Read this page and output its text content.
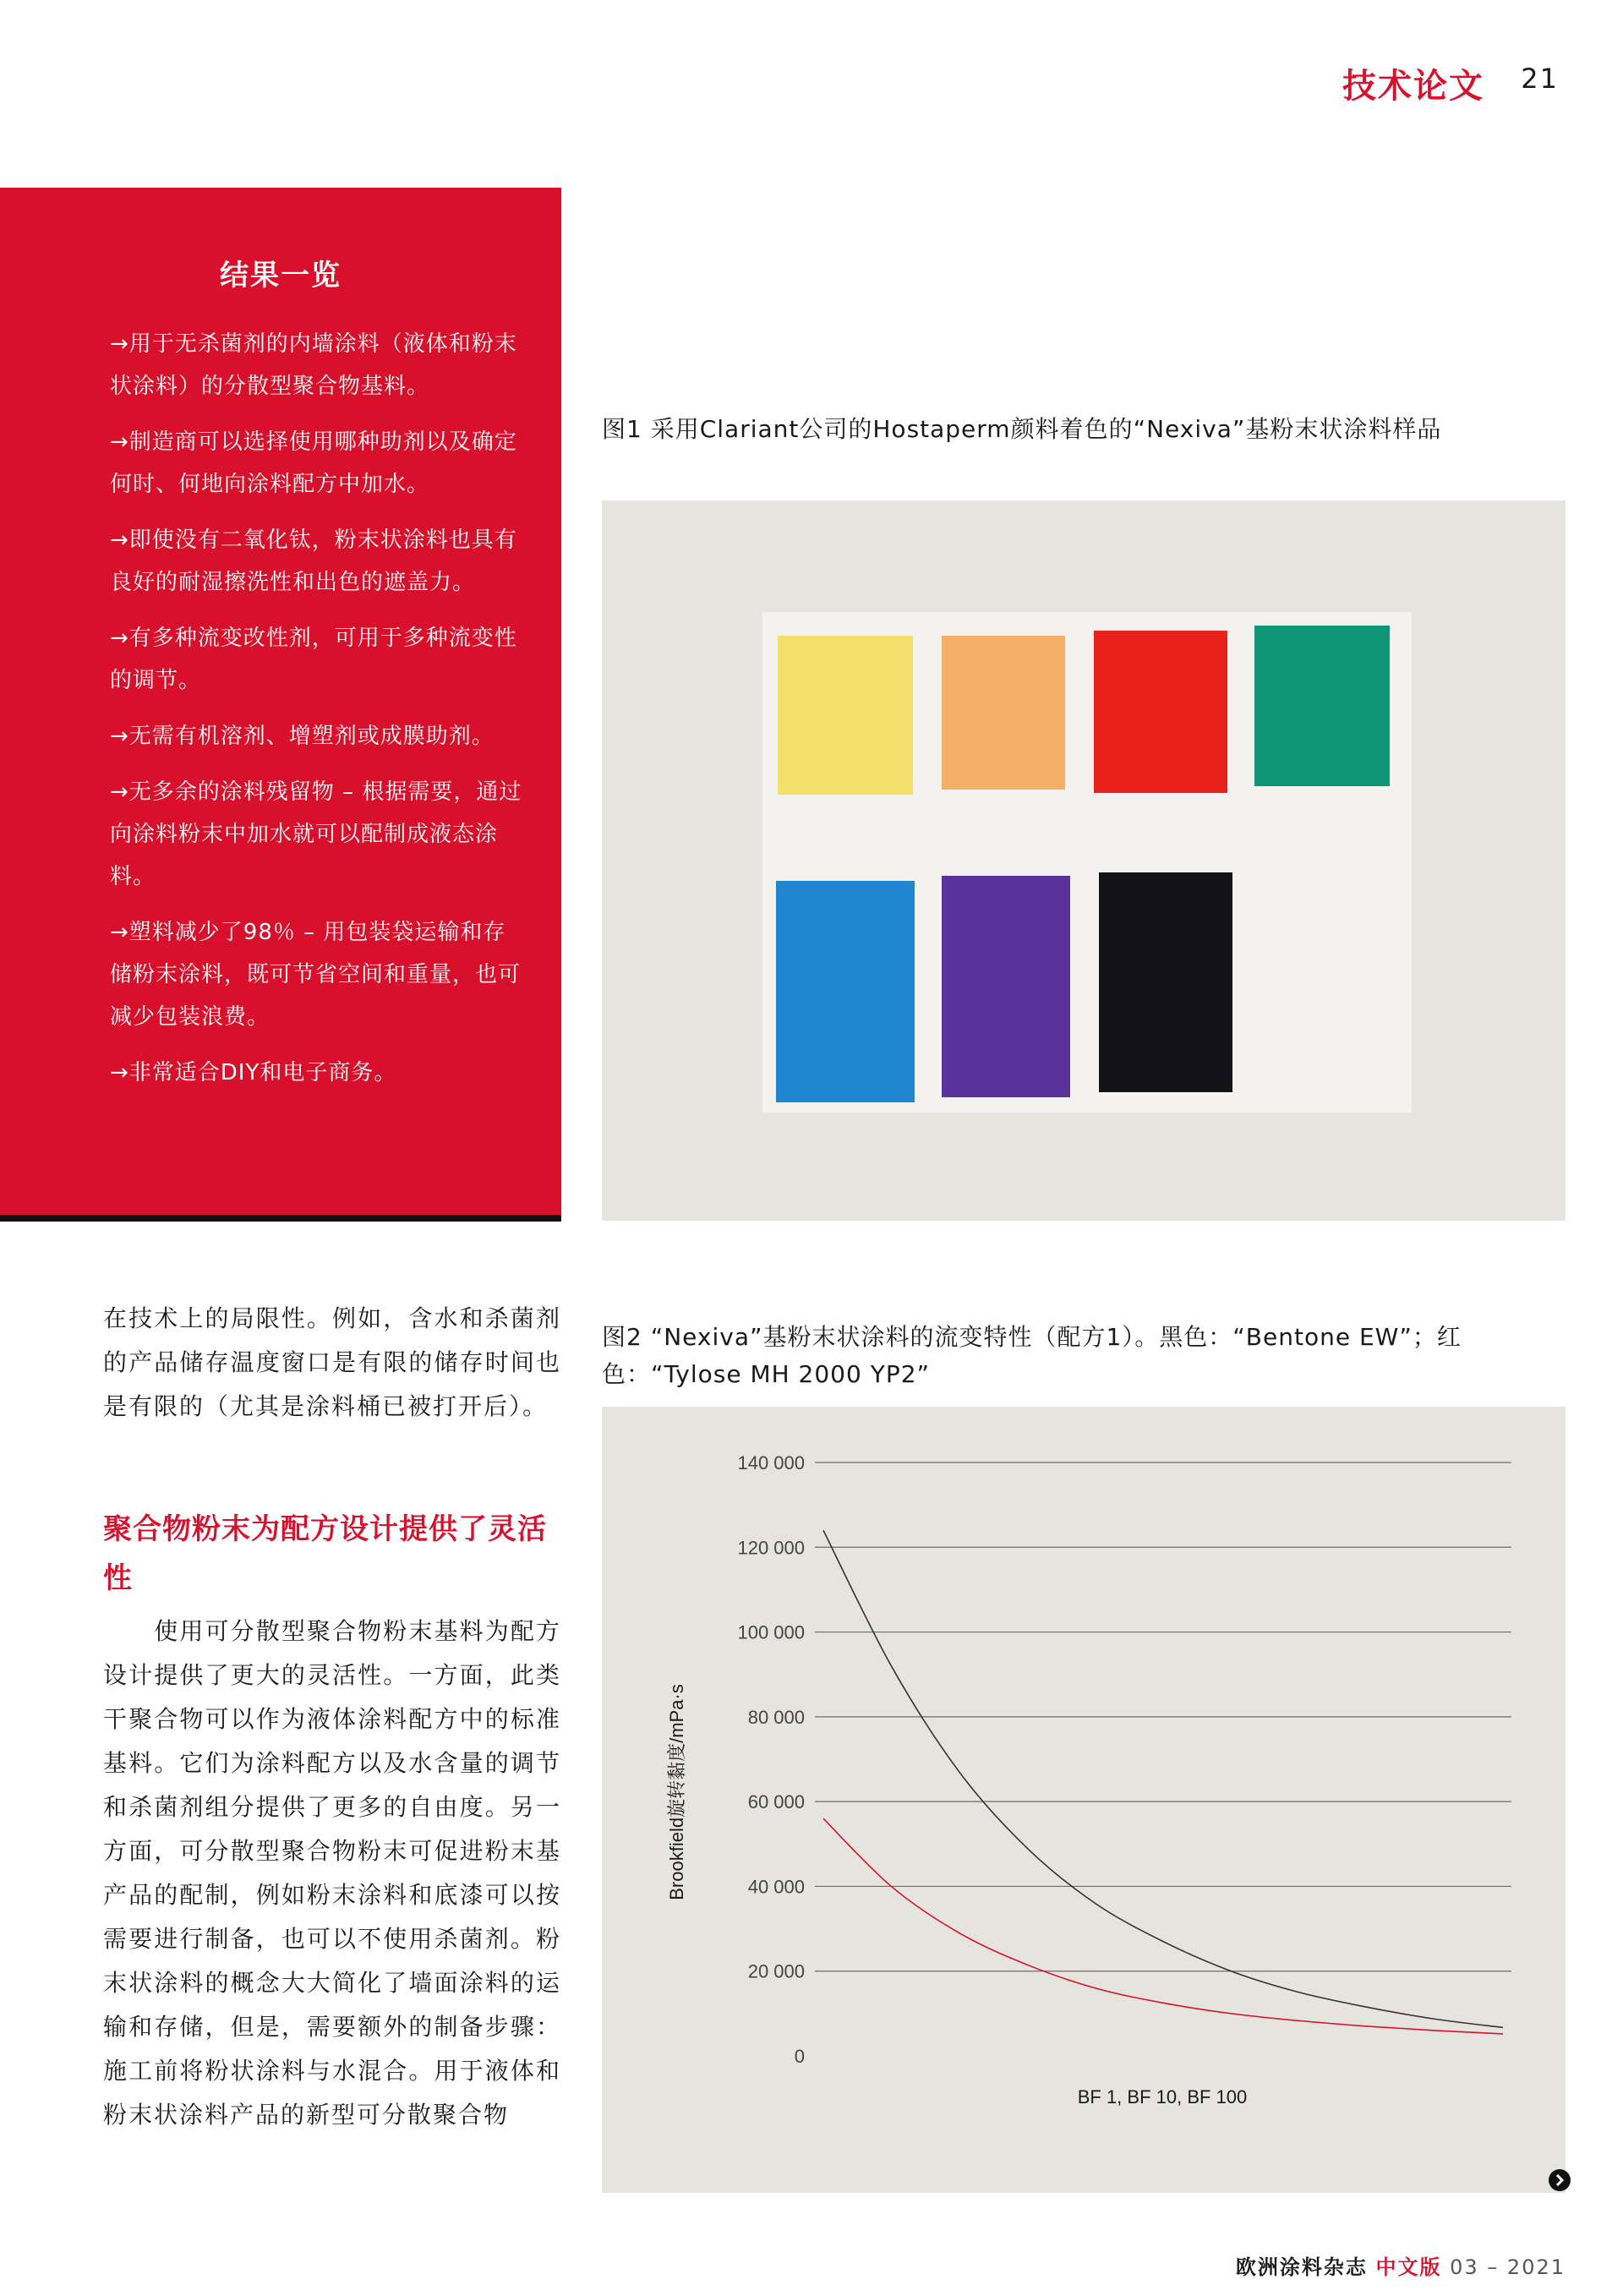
技术论文 21
结果一览
→用于无杀菌剂的内墙涂料（液体和粉末状涂料）的分散型聚合物基料。
→制造商可以选择使用哪种助剂以及确定何时、何地向涂料配方中加水。
→即使没有二氧化钛，粉末状涂料也具有良好的耐湿擦洗性和出色的遮盖力。
→有多种流变改性剂，可用于多种流变性的调节。
→无需有机溶剂、增塑剂或成膜助剂。
→无多余的涂料残留物 – 根据需要，通过向涂料粉末中加水就可以配制成液态涂料。
→塑料减少了98％ – 用包装袋运输和存储粉末涂料，既可节省空间和重量，也可减少包装浪费。
→非常适合DIY和电子商务。

在技术上的局限性。例如，含水和杀菌剂的产品储存温度窗口是有限的储存时间也是有限的（尤其是涂料桶已被打开后）。

聚合物粉末为配方设计提供了灵活性

　　使用可分散型聚合物粉末基料为配方设计提供了更大的灵活性。一方面，此类干聚合物可以作为液体涂料配方中的标准基料。它们为涂料配方以及水含量的调节和杀菌剂组分提供了更多的自由度。另一方面，可分散型聚合物粉末可促进粉末基产品的配制，例如粉末涂料和底漆可以按需要进行制备，也可以不使用杀菌剂。粉末状涂料的概念大大简化了墙面涂料的运输和存储，但是，需要额外的制备步骤：施工前将粉状涂料与水混合。用于液体和粉末状涂料产品的新型可分散聚合物

图1 采用Clariant公司的Hostaperm颜料着色的“Nexiva”基粉末状涂料样品

图2 “Nexiva”基粉末状涂料的流变特性（配方1）。黑色：“Bentone EW”；红色：“Tylose MH 2000 YP2”

0
20 000
40 000
60 000
80 000
100 000
120 000
140 000
BF 1, BF 10, BF 100
Brookfield旋转黏度/mPa·s
欧洲涂料杂志 中文版 03 – 2021
